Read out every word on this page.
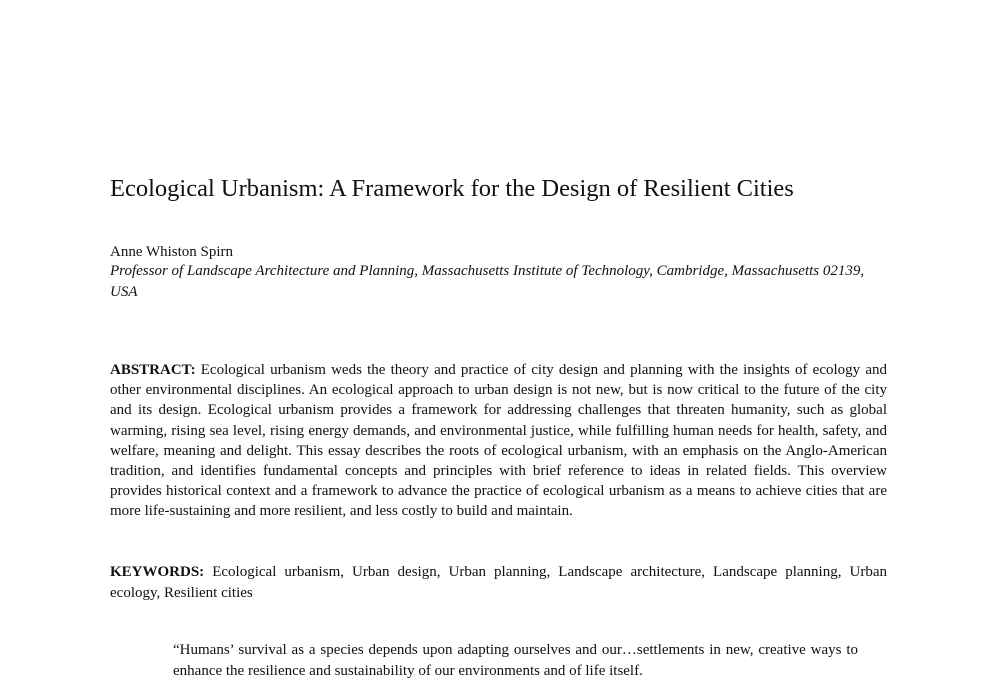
Ecological Urbanism: A Framework for the Design of Resilient Cities
Anne Whiston Spirn
Professor of Landscape Architecture and Planning, Massachusetts Institute of Technology, Cambridge, Massachusetts 02139, USA

ABSTRACT: Ecological urbanism weds the theory and practice of city design and planning with the insights of ecology and other environmental disciplines. An ecological approach to urban design is not new, but is now critical to the future of the city and its design. Ecological urbanism provides a framework for addressing challenges that threaten humanity, such as global warming, rising sea level, rising energy demands, and environmental justice, while fulfilling human needs for health, safety, and welfare, meaning and delight. This essay describes the roots of ecological urbanism, with an emphasis on the Anglo-American tradition, and identifies fundamental concepts and principles with brief reference to ideas in related fields. This overview provides historical context and a framework to advance the practice of ecological urbanism as a means to achieve cities that are more life-sustaining and more resilient, and less costly to build and maintain.

KEYWORDS: Ecological urbanism, Urban design, Urban planning, Landscape architecture, Landscape planning, Urban ecology, Resilient cities

“Humans’ survival as a species depends upon adapting ourselves and our…settlements in new, creative ways to enhance the resilience and sustainability of our environments and of life itself.
